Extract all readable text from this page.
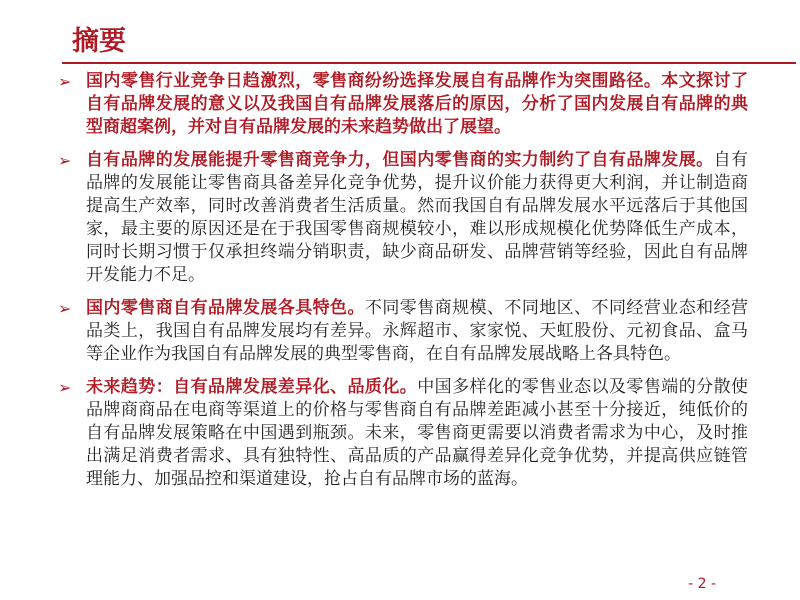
摘要
➢ 国内零售行业竞争日趋激烈，零售商纷纷选择发展自有品牌作为突围路径。本文探讨了自有品牌发展的意义以及我国自有品牌发展落后的原因，分析了国内发展自有品牌的典型商超案例，并对自有品牌发展的未来趋势做出了展望。
➢ 自有品牌的发展能提升零售商竞争力，但国内零售商的实力制约了自有品牌发展。自有品牌的发展能让零售商具备差异化竞争优势，提升议价能力获得更大利润，并让制造商提高生产效率，同时改善消费者生活质量。然而我国自有品牌发展水平远落后于其他国家，最主要的原因还是在于我国零售商规模较小，难以形成规模化优势降低生产成本，同时长期习惯于仅承担终端分销职责，缺少商品研发、品牌营销等经验，因此自有品牌开发能力不足。
➢ 国内零售商自有品牌发展各具特色。不同零售商规模、不同地区、不同经营业态和经营品类上，我国自有品牌发展均有差异。永辉超市、家家悦、天虹股份、元初食品、盒马等企业作为我国自有品牌发展的典型零售商，在自有品牌发展战略上各具特色。
➢ 未来趋势：自有品牌发展差异化、品质化。中国多样化的零售业态以及零售端的分散使品牌商商品在电商等渠道上的价格与零售商自有品牌差距减小甚至十分接近，纯低价的自有品牌发展策略在中国遇到瓶颈。未来，零售商更需要以消费者需求为中心，及时推出满足消费者需求、具有独特性、高品质的产品赢得差异化竞争优势，并提高供应链管理能力、加强品控和渠道建设，抢占自有品牌市场的蓝海。
- 2 -
